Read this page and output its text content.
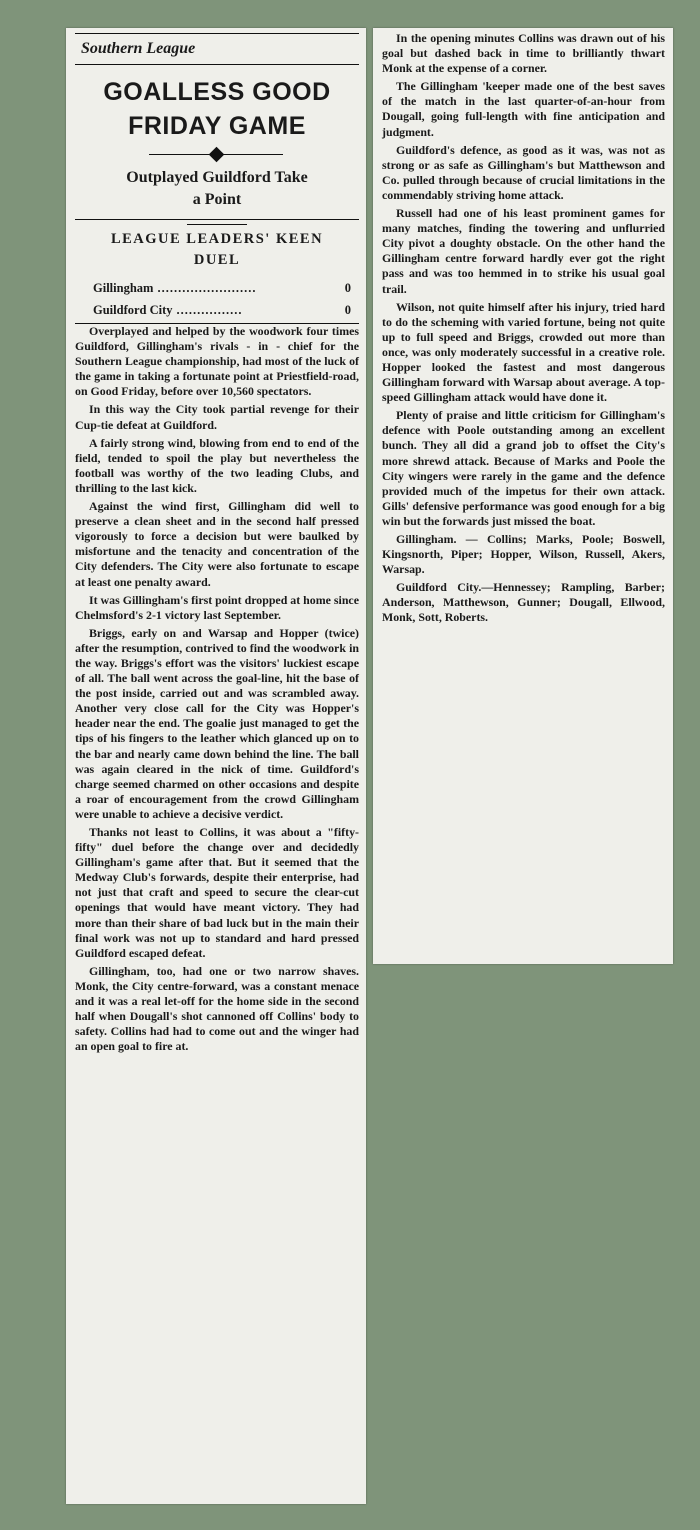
Southern League
GOALLESS GOOD
FRIDAY GAME
Outplayed Guildford Take
a Point
LEAGUE LEADERS' KEEN
DUEL
Gillingham ........................	0
Guildford City ................	0

Overplayed and helped by the woodwork four times Guildford, Gillingham's rivals - in - chief for the Southern League championship, had most of the luck of the game in taking a fortunate point at Priestfield-road, on Good Friday, before over 10,560 spectators.

In this way the City took partial revenge for their Cup-tie defeat at Guildford.

A fairly strong wind, blowing from end to end of the field, tended to spoil the play but nevertheless the football was worthy of the two leading Clubs, and thrilling to the last kick.

Against the wind first, Gillingham did well to preserve a clean sheet and in the second half pressed vigorously to force a decision but were baulked by misfortune and the tenacity and concentration of the City defenders. The City were also fortunate to escape at least one penalty award.

It was Gillingham's first point dropped at home since Chelmsford's 2-1 victory last September.

Briggs, early on and Warsap and Hopper (twice) after the resumption, contrived to find the woodwork in the way. Briggs's effort was the visitors' luckiest escape of all. The ball went across the goal-line, hit the base of the post inside, carried out and was scrambled away. Another very close call for the City was Hopper's header near the end. The goalie just managed to get the tips of his fingers to the leather which glanced up on to the bar and nearly came down behind the line. The ball was again cleared in the nick of time. Guildford's charge seemed charmed on other occasions and despite a roar of encouragement from the crowd Gillingham were unable to achieve a decisive verdict.

Thanks not least to Collins, it was about a "fifty-fifty" duel before the change over and decidedly Gillingham's game after that. But it seemed that the Medway Club's forwards, despite their enterprise, had not just that craft and speed to secure the clear-cut openings that would have meant victory. They had more than their share of bad luck but in the main their final work was not up to standard and hard pressed Guildford escaped defeat.

Gillingham, too, had one or two narrow shaves. Monk, the City centre-forward, was a constant menace and it was a real let-off for the home side in the second half when Dougall's shot cannoned off Collins' body to safety. Collins had had to come out and the winger had an open goal to fire at.

In the opening minutes Collins was drawn out of his goal but dashed back in time to brilliantly thwart Monk at the expense of a corner.

The Gillingham 'keeper made one of the best saves of the match in the last quarter-of-an-hour from Dougall, going full-length with fine anticipation and judgment.

Guildford's defence, as good as it was, was not as strong or as safe as Gillingham's but Matthewson and Co. pulled through because of crucial limitations in the commendably striving home attack.

Russell had one of his least prominent games for many matches, finding the towering and unflurried City pivot a doughty obstacle. On the other hand the Gillingham centre forward hardly ever got the right pass and was too hemmed in to strike his usual goal trail.

Wilson, not quite himself after his injury, tried hard to do the scheming with varied fortune, being not quite up to full speed and Briggs, crowded out more than once, was only moderately successful in a creative role. Hopper looked the fastest and most dangerous Gillingham forward with Warsap about average. A top-speed Gillingham attack would have done it.

Plenty of praise and little criticism for Gillingham's defence with Poole outstanding among an excellent bunch. They all did a grand job to offset the City's more shrewd attack. Because of Marks and Poole the City wingers were rarely in the game and the defence provided much of the impetus for their own attack. Gills' defensive performance was good enough for a big win but the forwards just missed the boat.

Gillingham. — Collins; Marks, Poole; Boswell, Kingsnorth, Piper; Hopper, Wilson, Russell, Akers, Warsap.

Guildford City.—Hennessey; Rampling, Barber; Anderson, Matthewson, Gunner; Dougall, Ellwood, Monk, Sott, Roberts.
